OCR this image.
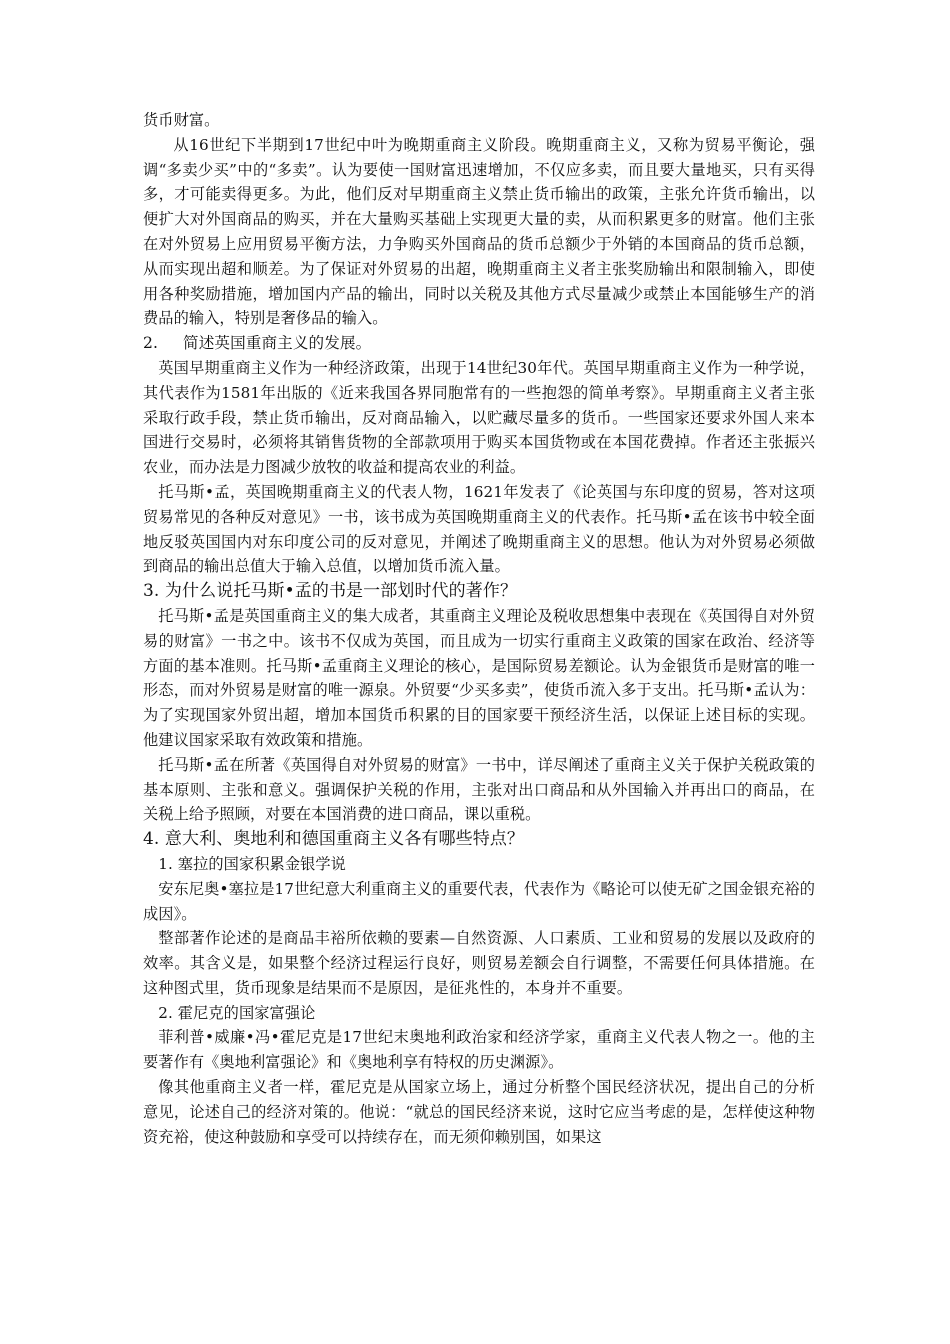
货币财富。

从16世纪下半期到17世纪中叶为晚期重商主义阶段。晚期重商主义，又称为贸易平衡论，强调“多卖少买”中的“多卖”。认为要使一国财富迅速增加，不仅应多卖，而且要大量地买，只有买得多，才可能卖得更多。为此，他们反对早期重商主义禁止货币输出的政策，主张允许货币输出，以便扩大对外国商品的购买，并在大量购买基础上实现更大量的卖，从而积累更多的财富。他们主张在对外贸易上应用贸易平衡方法，力争购买外国商品的货币总额少于外销的本国商品的货币总额，从而实现出超和顺差。为了保证对外贸易的出超，晚期重商主义者主张奖励输出和限制输入，即使用各种奖励措施，增加国内产品的输出，同时以关税及其他方式尽量减少或禁止本国能够生产的消费品的输入，特别是奢侈品的输入。

2. 简述英国重商主义的发展。

英国早期重商主义作为一种经济政策，出现于14世纪30年代。英国早期重商主义作为一种学说，其代表作为1581年出版的《近来我国各界同胞常有的一些抱怨的简单考察》。早期重商主义者主张采取行政手段，禁止货币输出，反对商品输入，以贮藏尽量多的货币。一些国家还要求外国人来本国进行交易时，必须将其销售货物的全部款项用于购买本国货物或在本国花费掉。作者还主张振兴农业，而办法是力图减少放牧的收益和提高农业的利益。

托马斯•孟，英国晚期重商主义的代表人物，1621年发表了《论英国与东印度的贸易，答对这项贸易常见的各种反对意见》一书，该书成为英国晚期重商主义的代表作。托马斯•孟在该书中较全面地反驳英国国内对东印度公司的反对意见，并阐述了晚期重商主义的思想。他认为对外贸易必须做到商品的输出总值大于输入总值，以增加货币流入量。

3. 为什么说托马斯•孟的书是一部划时代的著作？

托马斯•孟是英国重商主义的集大成者，其重商主义理论及税收思想集中表现在《英国得自对外贸易的财富》一书之中。该书不仅成为英国，而且成为一切实行重商主义政策的国家在政治、经济等方面的基本准则。托马斯•孟重商主义理论的核心，是国际贸易差额论。认为金银货币是财富的唯一形态，而对外贸易是财富的唯一源泉。外贸要“少买多卖”，使货币流入多于支出。托马斯•孟认为：为了实现国家外贸出超，增加本国货币积累的目的国家要干预经济生活，以保证上述目标的实现。他建议国家采取有效政策和措施。

托马斯•孟在所著《英国得自对外贸易的财富》一书中，详尽阐述了重商主义关于保护关税政策的基本原则、主张和意义。强调保护关税的作用，主张对出口商品和从外国输入并再出口的商品，在关税上给予照顾，对要在本国消费的进口商品，课以重税。

4. 意大利、奥地利和德国重商主义各有哪些特点？

1. 塞拉的国家积累金银学说

安东尼奥•塞拉是17世纪意大利重商主义的重要代表，代表作为《略论可以使无矿之国金银充裕的成因》。

整部著作论述的是商品丰裕所依赖的要素—自然资源、人口素质、工业和贸易的发展以及政府的效率。其含义是，如果整个经济过程运行良好，则贸易差额会自行调整，不需要任何具体措施。在这种图式里，货币现象是结果而不是原因，是征兆性的，本身并不重要。

2. 霍尼克的国家富强论

菲利普•威廉•冯•霍尼克是17世纪末奥地利政治家和经济学家，重商主义代表人物之一。他的主要著作有《奥地利富强论》和《奥地利享有特权的历史渊源》。

像其他重商主义者一样，霍尼克是从国家立场上，通过分析整个国民经济状况，提出自己的分析意见，论述自己的经济对策的。他说：“就总的国民经济来说，这时它应当考虑的是，怎样使这种物资充裕，使这种鼓励和享受可以持续存在，而无须仰赖别国，如果这
